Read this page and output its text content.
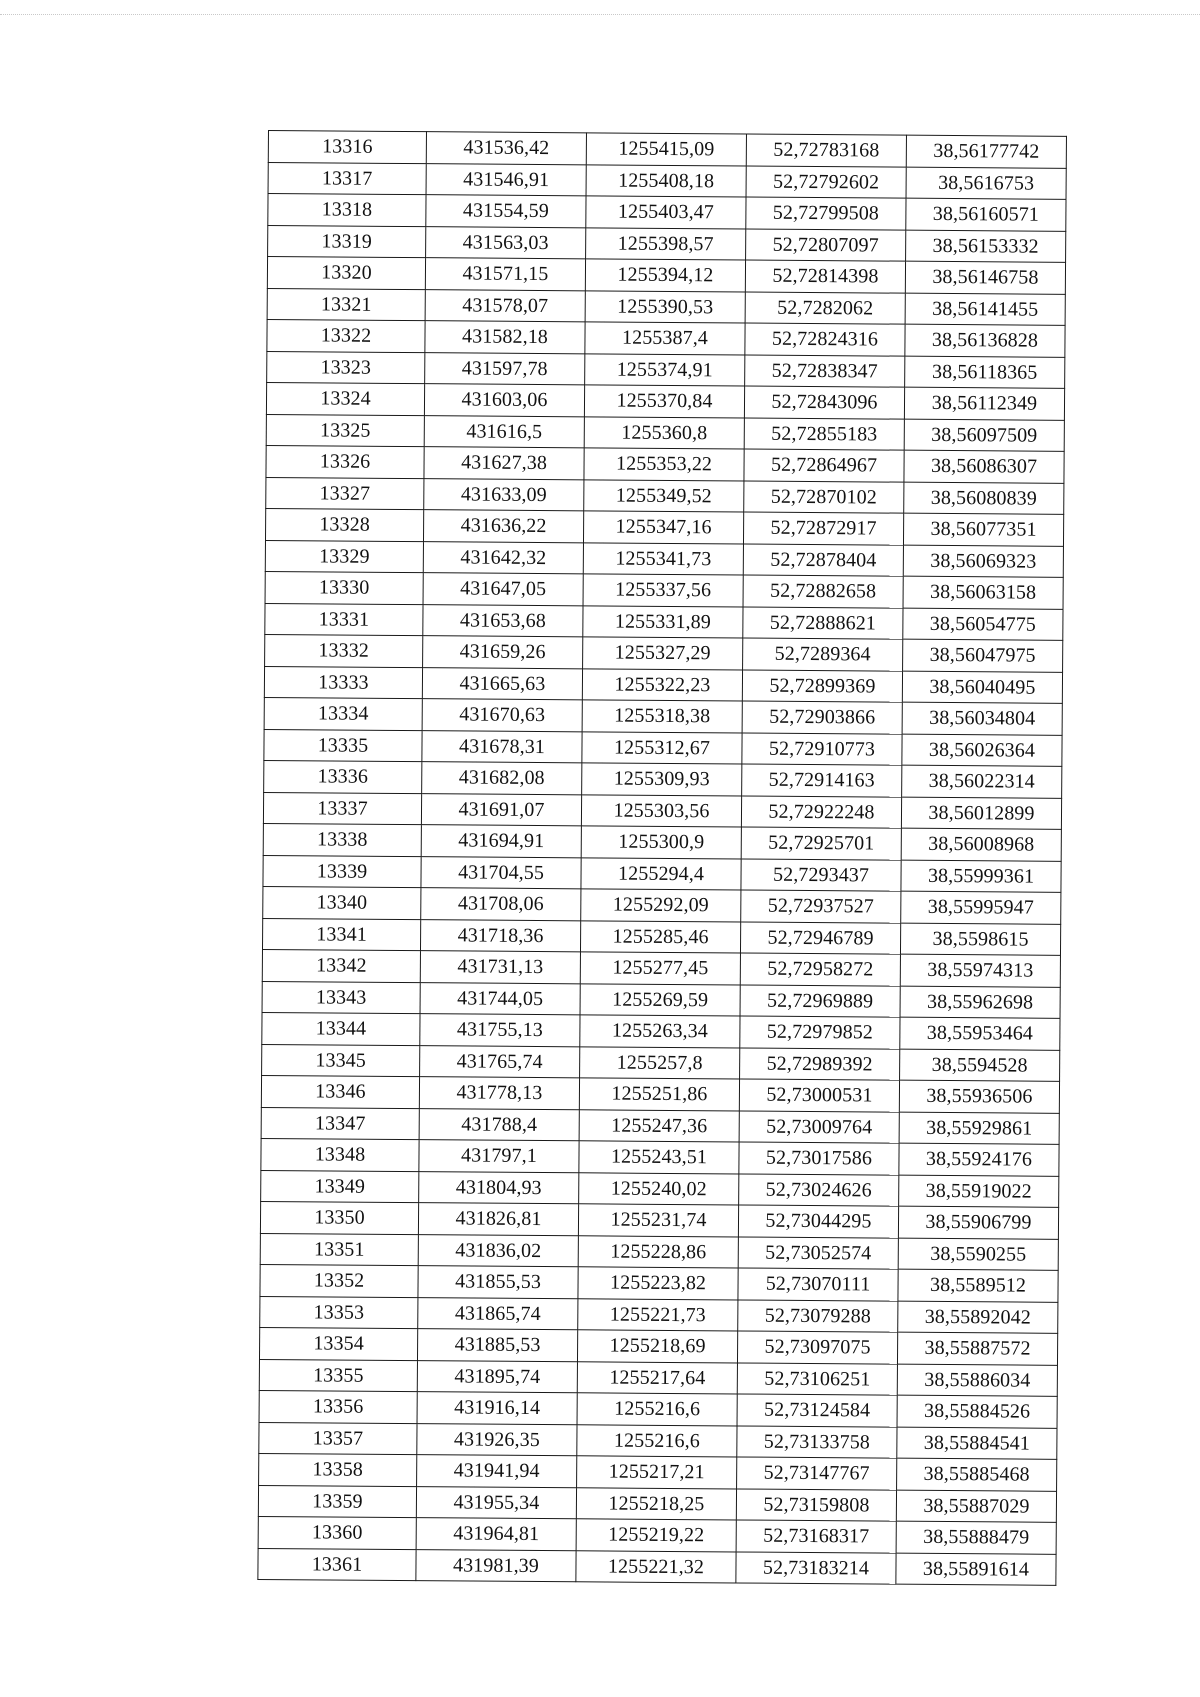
13316	431536,42	1255415,09	52,72783168	38,56177742
13317	431546,91	1255408,18	52,72792602	38,5616753
13318	431554,59	1255403,47	52,72799508	38,56160571
13319	431563,03	1255398,57	52,72807097	38,56153332
13320	431571,15	1255394,12	52,72814398	38,56146758
13321	431578,07	1255390,53	52,7282062	38,56141455
13322	431582,18	1255387,4	52,72824316	38,56136828
13323	431597,78	1255374,91	52,72838347	38,56118365
13324	431603,06	1255370,84	52,72843096	38,56112349
13325	431616,5	1255360,8	52,72855183	38,56097509
13326	431627,38	1255353,22	52,72864967	38,56086307
13327	431633,09	1255349,52	52,72870102	38,56080839
13328	431636,22	1255347,16	52,72872917	38,56077351
13329	431642,32	1255341,73	52,72878404	38,56069323
13330	431647,05	1255337,56	52,72882658	38,56063158
13331	431653,68	1255331,89	52,72888621	38,56054775
13332	431659,26	1255327,29	52,7289364	38,56047975
13333	431665,63	1255322,23	52,72899369	38,56040495
13334	431670,63	1255318,38	52,72903866	38,56034804
13335	431678,31	1255312,67	52,72910773	38,56026364
13336	431682,08	1255309,93	52,72914163	38,56022314
13337	431691,07	1255303,56	52,72922248	38,56012899
13338	431694,91	1255300,9	52,72925701	38,56008968
13339	431704,55	1255294,4	52,7293437	38,55999361
13340	431708,06	1255292,09	52,72937527	38,55995947
13341	431718,36	1255285,46	52,72946789	38,5598615
13342	431731,13	1255277,45	52,72958272	38,55974313
13343	431744,05	1255269,59	52,72969889	38,55962698
13344	431755,13	1255263,34	52,72979852	38,55953464
13345	431765,74	1255257,8	52,72989392	38,5594528
13346	431778,13	1255251,86	52,73000531	38,55936506
13347	431788,4	1255247,36	52,73009764	38,55929861
13348	431797,1	1255243,51	52,73017586	38,55924176
13349	431804,93	1255240,02	52,73024626	38,55919022
13350	431826,81	1255231,74	52,73044295	38,55906799
13351	431836,02	1255228,86	52,73052574	38,5590255
13352	431855,53	1255223,82	52,73070111	38,5589512
13353	431865,74	1255221,73	52,73079288	38,55892042
13354	431885,53	1255218,69	52,73097075	38,55887572
13355	431895,74	1255217,64	52,73106251	38,55886034
13356	431916,14	1255216,6	52,73124584	38,55884526
13357	431926,35	1255216,6	52,73133758	38,55884541
13358	431941,94	1255217,21	52,73147767	38,55885468
13359	431955,34	1255218,25	52,73159808	38,55887029
13360	431964,81	1255219,22	52,73168317	38,55888479
13361	431981,39	1255221,32	52,73183214	38,55891614
